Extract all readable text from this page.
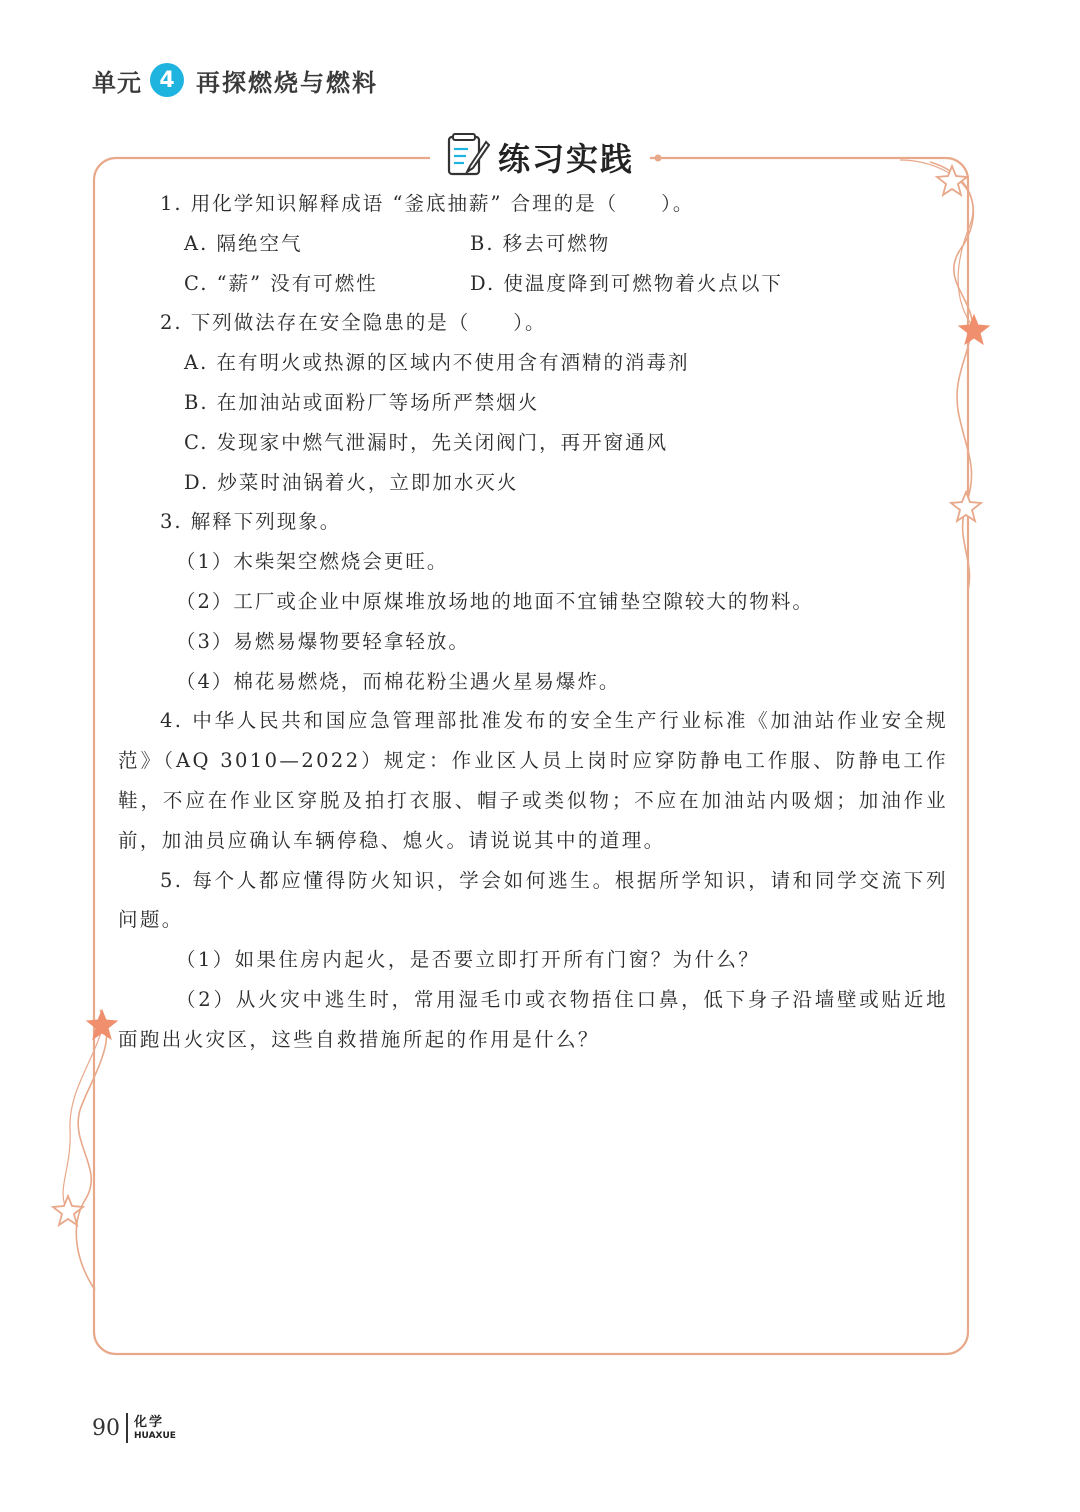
单元 4 再探燃烧与燃料
练习实践
1. 用化学知识解释成语 “釜底抽薪” 合理的是（　　）。
A. 隔绝空气	B. 移去可燃物
C. “薪” 没有可燃性	D. 使温度降到可燃物着火点以下
2. 下列做法存在安全隐患的是（　　）。
A. 在有明火或热源的区域内不使用含有酒精的消毒剂
B. 在加油站或面粉厂等场所严禁烟火
C. 发现家中燃气泄漏时，先关闭阀门，再开窗通风
D. 炒菜时油锅着火，立即加水灭火
3. 解释下列现象。
（1）木柴架空燃烧会更旺。
（2）工厂或企业中原煤堆放场地的地面不宜铺垫空隙较大的物料。
（3）易燃易爆物要轻拿轻放。
（4）棉花易燃烧，而棉花粉尘遇火星易爆炸。

4. 中华人民共和国应急管理部批准发布的安全生产行业标准《加油站作业安全规范》（AQ 3010—2022）规定：作业区人员上岗时应穿防静电工作服、防静电工作鞋，不应在作业区穿脱及拍打衣服、帽子或类似物；不应在加油站内吸烟；加油作业前，加油员应确认车辆停稳、熄火。请说说其中的道理。

5. 每个人都应懂得防火知识，学会如何逃生。根据所学知识，请和同学交流下列问题。

（1）如果住房内起火，是否要立即打开所有门窗？为什么？

（2）从火灾中逃生时，常用湿毛巾或衣物捂住口鼻，低下身子沿墙壁或贴近地面跑出火灾区，这些自救措施所起的作用是什么？

90 化学
HUAXUE
